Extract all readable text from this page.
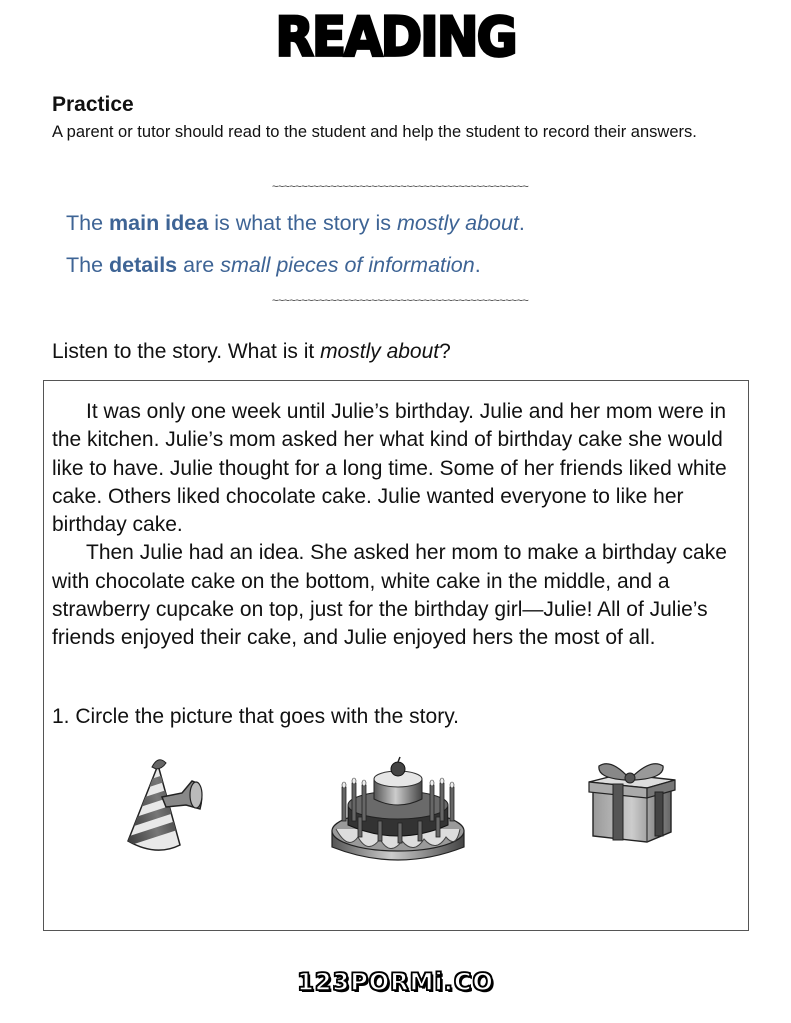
READING
Practice
A parent or tutor should read to the student and help the student to record their answers.
~~~~~~~~~~~~~~~~~~~~~~~~~~~~~~~~~~~~~~~~~~~~
The main idea is what the story is mostly about.
The details are small pieces of information.
~~~~~~~~~~~~~~~~~~~~~~~~~~~~~~~~~~~~~~~~~~~~
Listen to the story. What is it mostly about?

It was only one week until Julie’s birthday. Julie and her mom were in the kitchen. Julie’s mom asked her what kind of birthday cake she would like to have. Julie thought for a long time. Some of her friends liked white cake. Others liked chocolate cake. Julie wanted everyone to like her birthday cake.

Then Julie had an idea. She asked her mom to make a birthday cake with chocolate cake on the bottom, white cake in the middle, and a strawberry cupcake on top, just for the birthday girl—Julie! All of Julie’s friends enjoyed their cake, and Julie enjoyed hers the most of all.

1. Circle the picture that goes with the story.
123PORMi.CO
